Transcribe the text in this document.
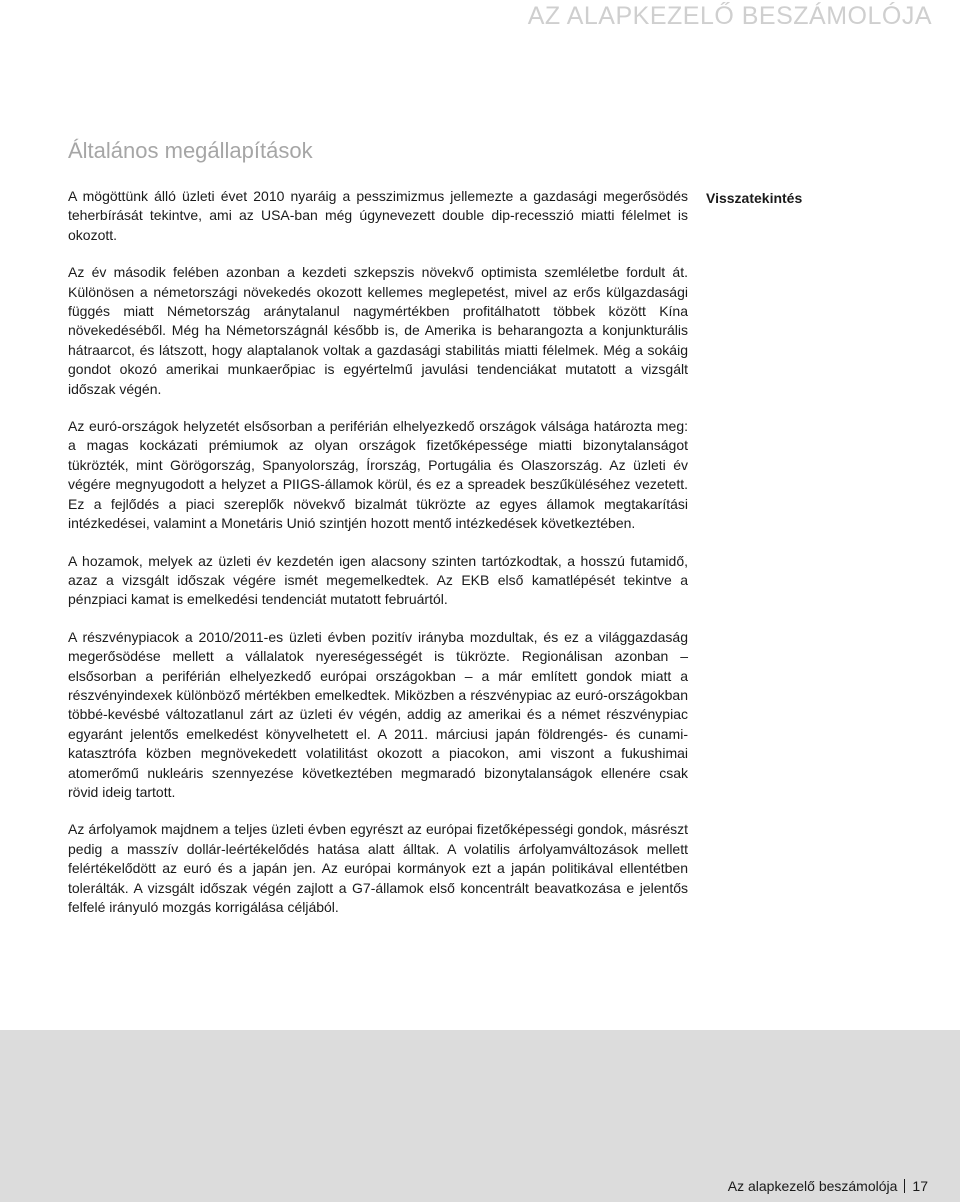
AZ ALAPKEZELŐ BESZÁMOLÓJA
Általános megállapítások
Visszatekintés

A mögöttünk álló üzleti évet 2010 nyaráig a pesszimizmus jellemezte a gazdasági megerősödés teherbírását tekintve, ami az USA-ban még úgynevezett double dip-recesszió miatti félelmet is okozott.

Az év második felében azonban a kezdeti szkepszis növekvő optimista szemléletbe fordult át. Különösen a németországi növekedés okozott kellemes meglepetést, mivel az erős külgazdasági függés miatt Németország aránytalanul nagymértékben profitálhatott többek között Kína növekedéséből. Még ha Németországnál később is, de Amerika is beharangozta a konjunkturális hátraarcot, és látszott, hogy alaptalanok voltak a gazdasági stabilitás miatti félelmek. Még a sokáig gondot okozó amerikai munkaerőpiac is egyértelmű javulási tendenciákat mutatott a vizsgált időszak végén.

Az euró-országok helyzetét elsősorban a periférián elhelyezkedő országok válsága határozta meg: a magas kockázati prémiumok az olyan országok fizetőképessége miatti bizonytalanságot tükrözték, mint Görögország, Spanyolország, Írország, Portugália és Olaszország. Az üzleti év végére megnyugodott a helyzet a PIIGS-államok körül, és ez a spreadek beszűküléséhez vezetett. Ez a fejlődés a piaci szereplők növekvő bizalmát tükrözte az egyes államok megtakarítási intézkedései, valamint a Monetáris Unió szintjén hozott mentő intézkedések következtében.

A hozamok, melyek az üzleti év kezdetén igen alacsony szinten tartózkodtak, a hosszú futamidő, azaz a vizsgált időszak végére ismét megemelkedtek. Az EKB első kamatlépését tekintve a pénzpiaci kamat is emelkedési tendenciát mutatott februártól.

A részvénypiacok a 2010/2011-es üzleti évben pozitív irányba mozdultak, és ez a világgazdaság megerősödése mellett a vállalatok nyereségességét is tükrözte. Regionálisan azonban – elsősorban a periférián elhelyezkedő európai országokban – a már említett gondok miatt a részvényindexek különböző mértékben emelkedtek. Miközben a részvénypiac az euró-országokban többé-kevésbé változatlanul zárt az üzleti év végén, addig az amerikai és a német részvénypiac egyaránt jelentős emelkedést könyvelhetett el. A 2011. márciusi japán földrengés- és cunami-katasztrófa közben megnövekedett volatilitást okozott a piacokon, ami viszont a fukushimai atomerőmű nukleáris szennyezése következtében megmaradó bizonytalanságok ellenére csak rövid ideig tartott.

Az árfolyamok majdnem a teljes üzleti évben egyrészt az európai fizetőképességi gondok, másrészt pedig a masszív dollár-leértékelődés hatása alatt álltak. A volatilis árfolyamváltozások mellett felértékelődött az euró és a japán jen. Az európai kormányok ezt a japán politikával ellentétben tolerálták. A vizsgált időszak végén zajlott a G7-államok első koncentrált beavatkozása e jelentős felfelé irányuló mozgás korrigálása céljából.

Az alapkezelő beszámolója 17
